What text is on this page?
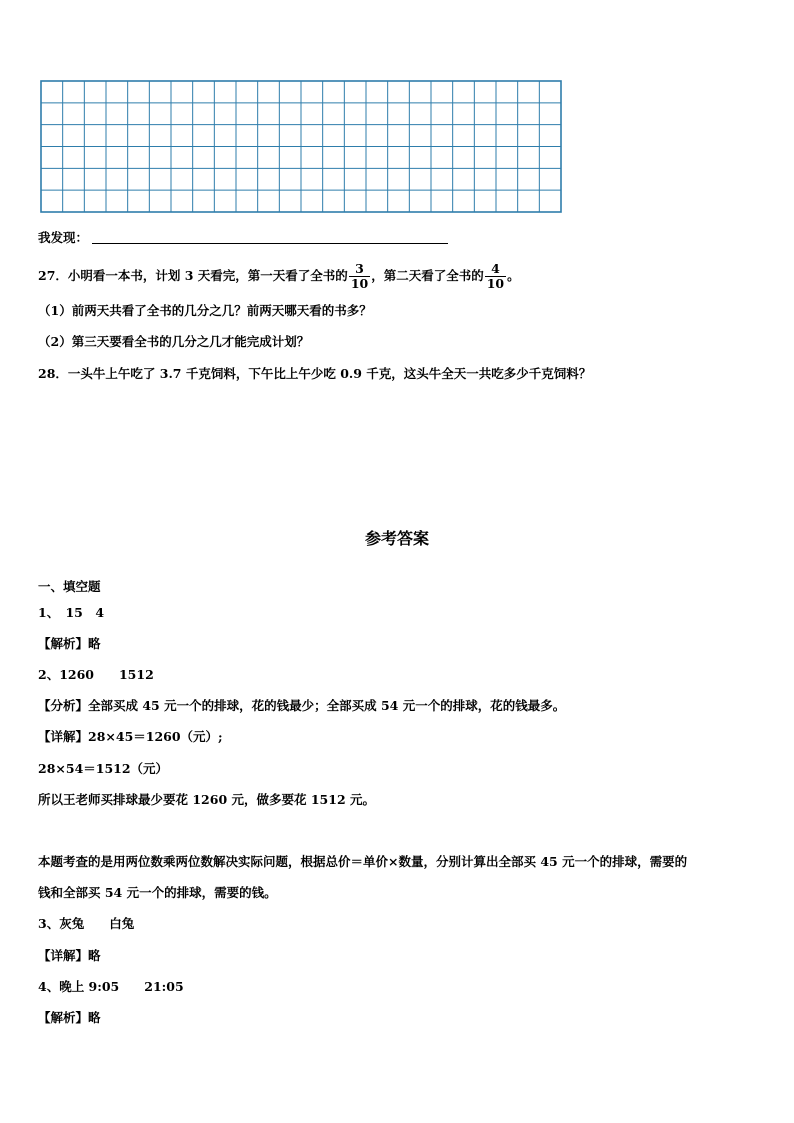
我发现：
27．小明看一本书，计划 3 天看完，第一天看了全书的 $\frac{3}{10}$ ，第二天看了全书的 $\frac{4}{10}$ 。
（1）前两天共看了全书的几分之几？前两天哪天看的书多？
（2）第三天要看全书的几分之几才能完成计划？
28．一头牛上午吃了 3.7 千克饲料，下午比上午少吃 0.9 千克，这头牛全天一共吃多少千克饲料？
参考答案
一、填空题
1、　15　4
【解析】略
2、1260　　1512
【分析】全部买成 45 元一个的排球，花的钱最少；全部买成 54 元一个的排球，花的钱最多。
【详解】28×45＝1260（元）;
28×54＝1512（元）
所以王老师买排球最少要花 1260 元，做多要花 1512 元。
本题考查的是用两位数乘两位数解决实际问题，根据总价＝单价×数量，分别计算出全部买 45 元一个的排球，需要的
钱和全部买 54 元一个的排球，需要的钱。
3、灰兔　　白兔
【详解】略
4、晚上 9:05　　21:05
【解析】略
